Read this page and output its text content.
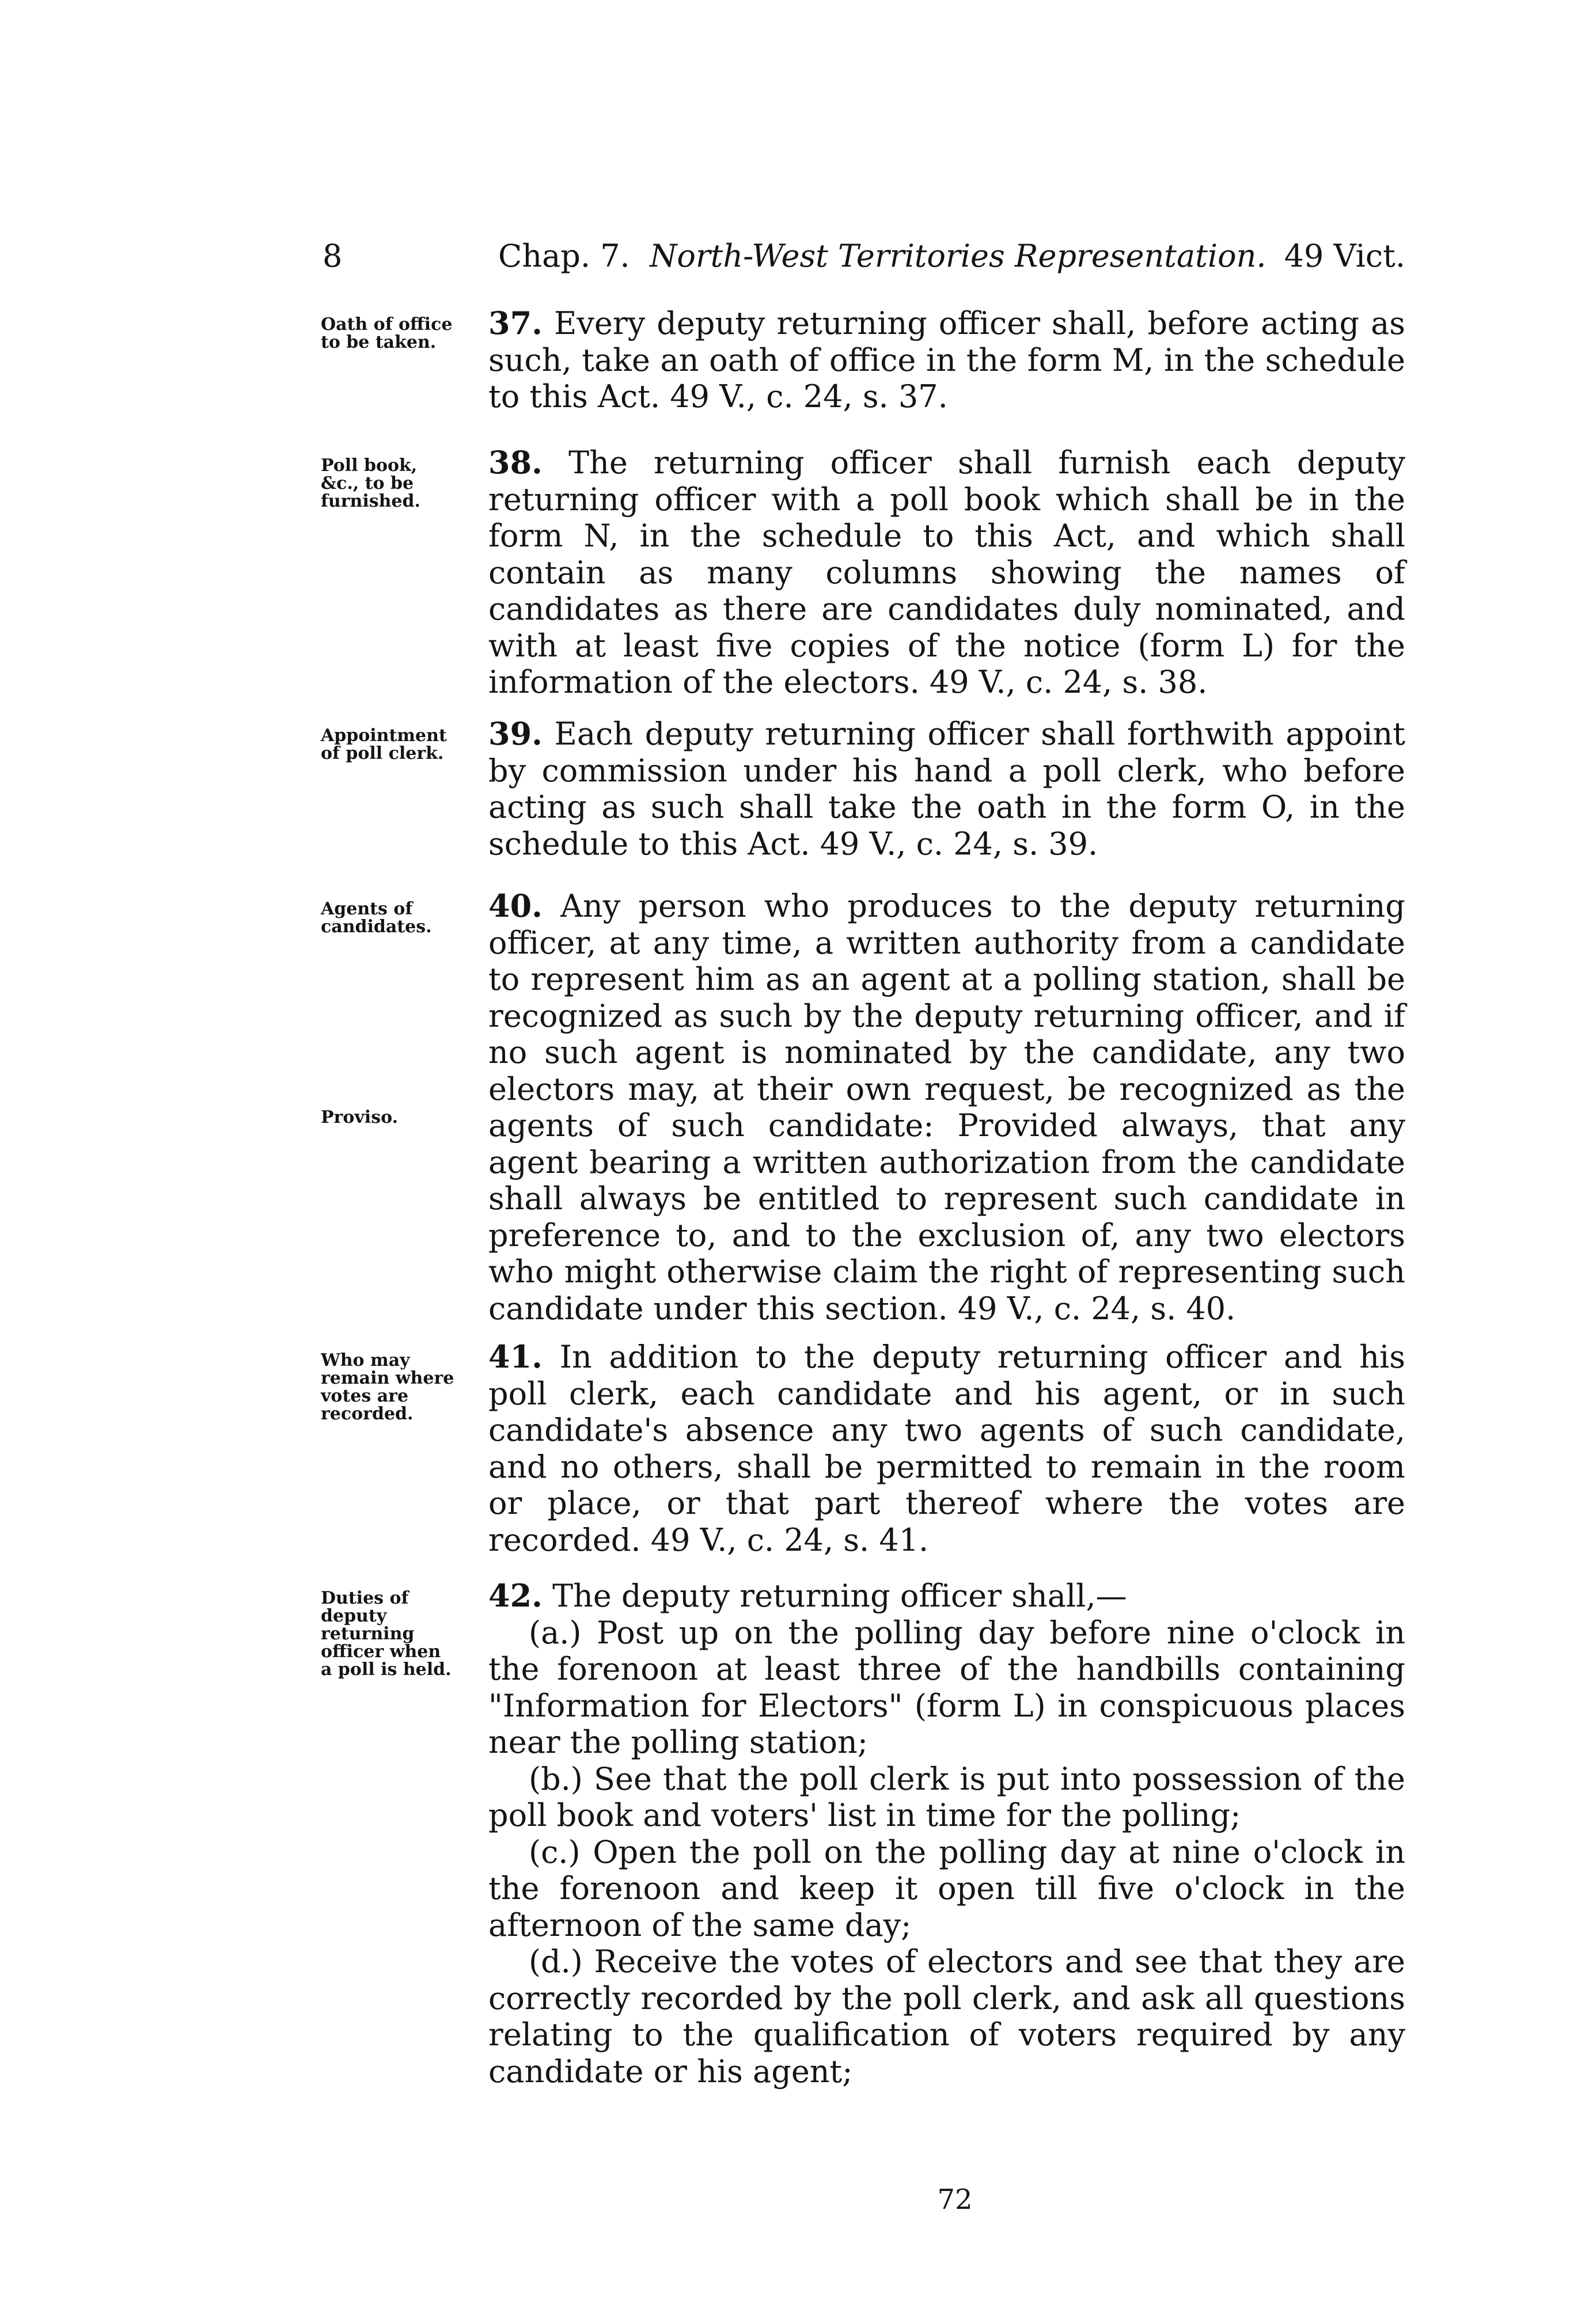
8	Chap. 7. North-West Territories Representation. 49 Vict.
Oath of office
to be taken.
37. Every deputy returning officer shall, before acting as such, take an oath of office in the form M, in the schedule to this Act. 49 V., c. 24, s. 37.
Poll book,
&c., to be
furnished.
38. The returning officer shall furnish each deputy returning officer with a poll book which shall be in the form N, in the schedule to this Act, and which shall contain as many columns showing the names of candidates as there are candidates duly nominated, and with at least five copies of the notice (form L) for the information of the electors. 49 V., c. 24, s. 38.
Appointment
of poll clerk.
39. Each deputy returning officer shall forthwith appoint by commission under his hand a poll clerk, who before acting as such shall take the oath in the form O, in the schedule to this Act. 49 V., c. 24, s. 39.
Agents of
candidates.
Proviso.
40. Any person who produces to the deputy returning officer, at any time, a written authority from a candidate to represent him as an agent at a polling station, shall be recognized as such by the deputy returning officer, and if no such agent is nominated by the candidate, any two electors may, at their own request, be recognized as the agents of such candidate: Provided always, that any agent bearing a written authorization from the candidate shall always be entitled to represent such candidate in preference to, and to the exclusion of, any two electors who might otherwise claim the right of representing such candidate under this section. 49 V., c. 24, s. 40.
Who may
remain where
votes are
recorded.
41. In addition to the deputy returning officer and his poll clerk, each candidate and his agent, or in such candidate's absence any two agents of such candidate, and no others, shall be permitted to remain in the room or place, or that part thereof where the votes are recorded. 49 V., c. 24, s. 41.
Duties of
deputy
returning
officer when
a poll is held.
42. The deputy returning officer shall,—
(a.) Post up on the polling day before nine o'clock in the forenoon at least three of the handbills containing "Information for Electors" (form L) in conspicuous places near the polling station;
(b.) See that the poll clerk is put into possession of the poll book and voters' list in time for the polling;
(c.) Open the poll on the polling day at nine o'clock in the forenoon and keep it open till five o'clock in the afternoon of the same day;
(d.) Receive the votes of electors and see that they are correctly recorded by the poll clerk, and ask all questions relating to the qualification of voters required by any candidate or his agent;
72
